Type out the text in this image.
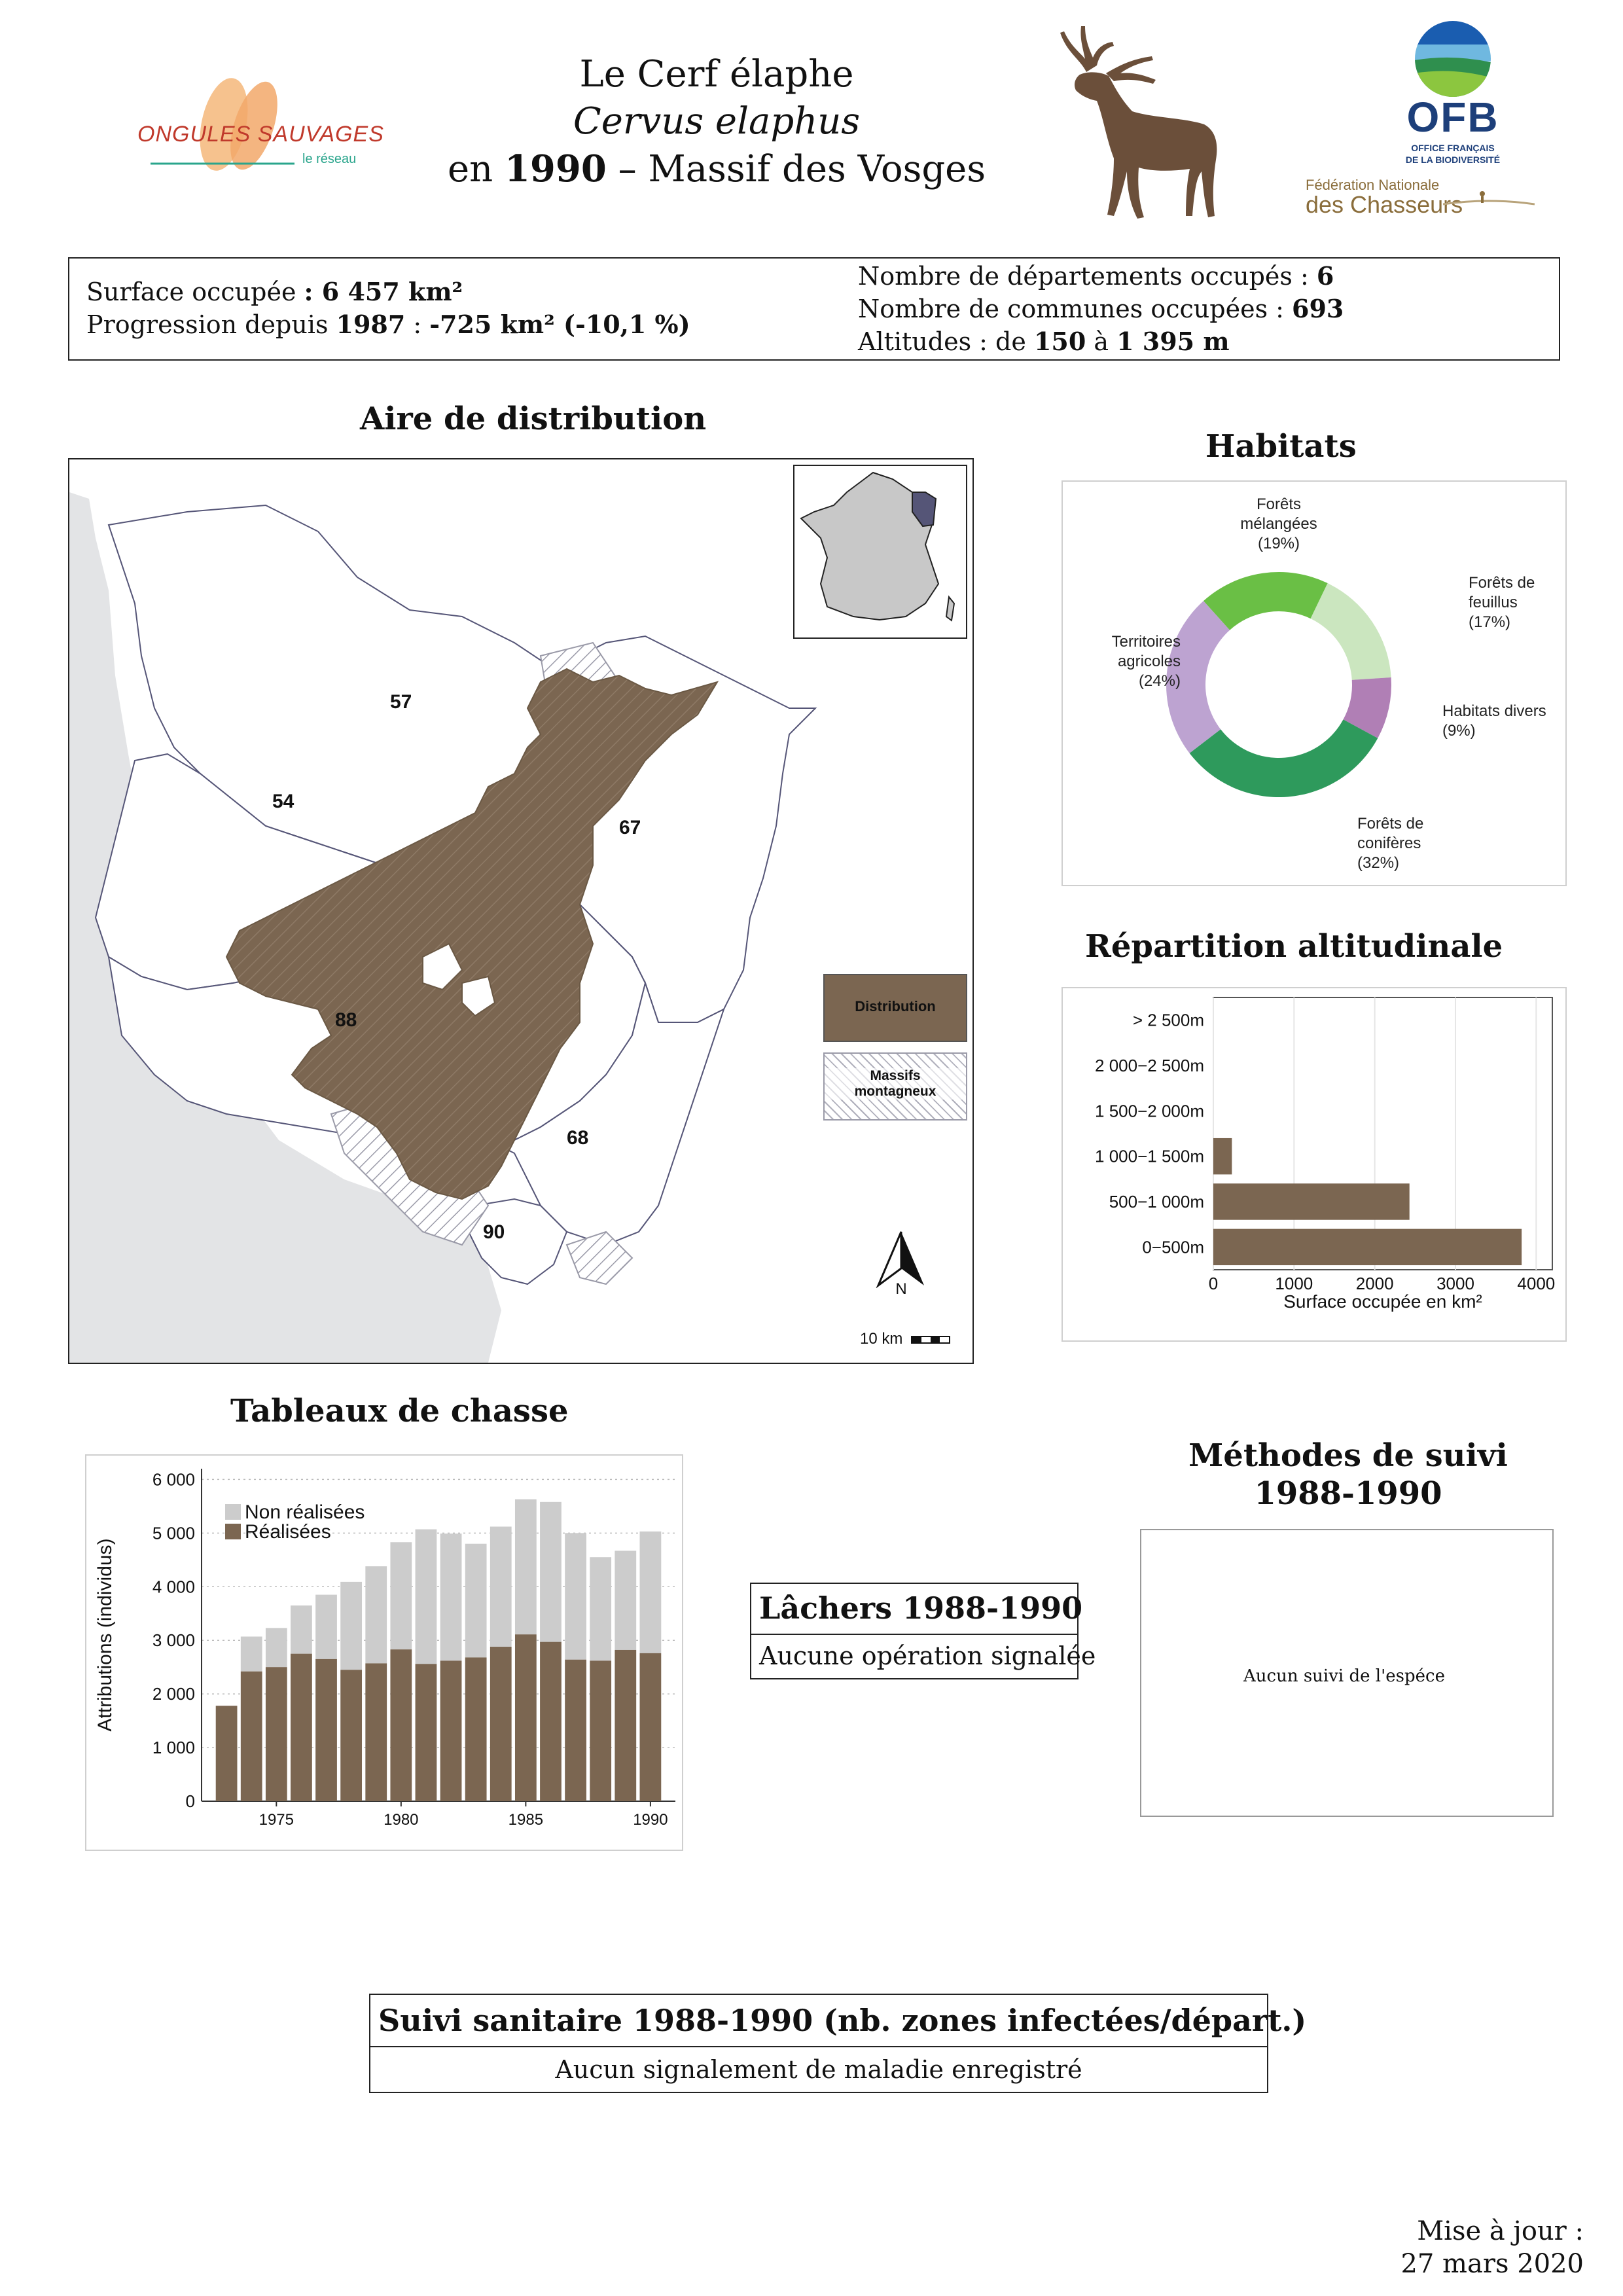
ONGULES SAUVAGES
le réseau
Le Cerf élaphe
Cervus elaphus
en 1990 – Massif des Vosges
OFB
OFFICE FRANÇAIS
DE LA BIODIVERSITÉ
Fédération Nationale
des Chasseurs
Surface occupée : 6 457 km²
Progression depuis 1987 : -725 km² (-10,1 %)
Nombre de départements occupés : 6
Nombre de communes occupées : 693
Altitudes : de 150 à 1 395 m
Aire de distribution
57
54
67
88
68
90
Distribution
Massifs
montagneux
N
10 km
Habitats
Forêts
mélangées
(19%)
Forêts de
feuillus
(17%)
Habitats divers
(9%)
Forêts de
conifères
(32%)
Territoires
agricoles
(24%)
Répartition altitudinale
0	1000	2000	3000	4000
> 2 500m
2 000−2 500m
1 500−2 000m
1 000−1 500m
500−1 000m
0−500m
Surface occupée en km²
Tableaux de chasse
0
1 000
2 000
3 000
4 000
5 000
6 000
1975	1980	1985	1990
Attributions (individus)
Non réalisées
Réalisées
Lâchers 1988-1990
Aucune opération signalée
Méthodes de suivi
1988-1990
Aucun suivi de l'espéce
Suivi sanitaire 1988-1990 (nb. zones infectées/départ.)
Aucun signalement de maladie enregistré
Mise à jour :
27 mars 2020
